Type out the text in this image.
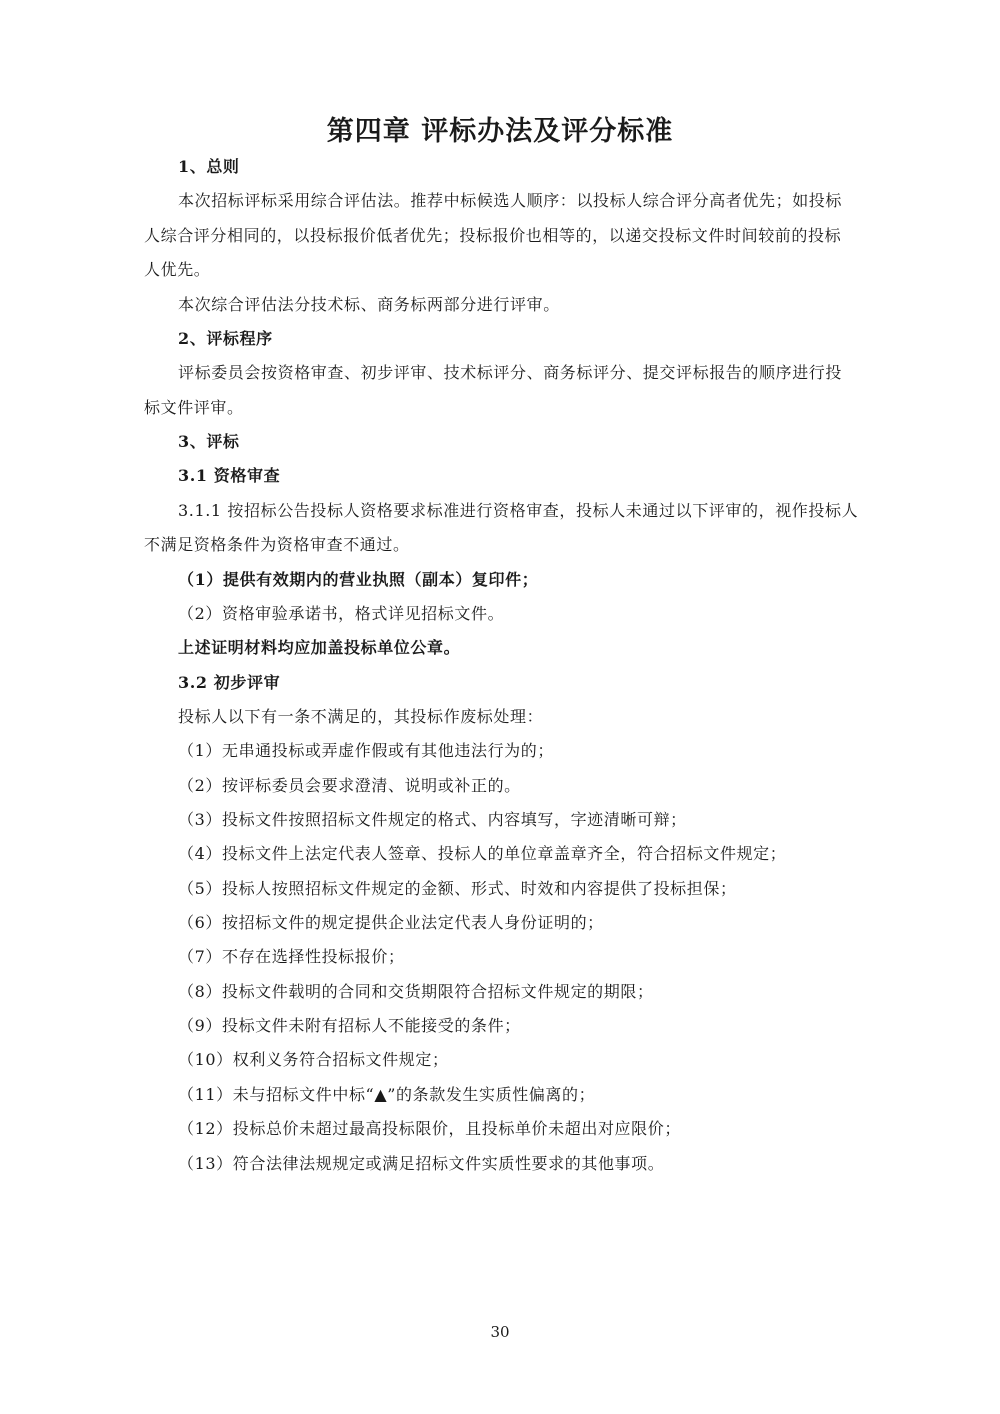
第四章 评标办法及评分标准
1、总则
本次招标评标采用综合评估法。推荐中标候选人顺序：以投标人综合评分高者优先；如投标
人综合评分相同的，以投标报价低者优先；投标报价也相等的，以递交投标文件时间较前的投标
人优先。
本次综合评估法分技术标、商务标两部分进行评审。
2、评标程序
评标委员会按资格审查、初步评审、技术标评分、商务标评分、提交评标报告的顺序进行投
标文件评审。
3、评标
3.1 资格审查
3.1.1 按招标公告投标人资格要求标准进行资格审查，投标人未通过以下评审的，视作投标人
不满足资格条件为资格审查不通过。
（1）提供有效期内的营业执照（副本）复印件；
（2）资格审验承诺书，格式详见招标文件。
上述证明材料均应加盖投标单位公章。
3.2 初步评审
投标人以下有一条不满足的，其投标作废标处理：
（1）无串通投标或弄虚作假或有其他违法行为的；
（2）按评标委员会要求澄清、说明或补正的。
（3）投标文件按照招标文件规定的格式、内容填写，字迹清晰可辩；
（4）投标文件上法定代表人签章、投标人的单位章盖章齐全，符合招标文件规定；
（5）投标人按照招标文件规定的金额、形式、时效和内容提供了投标担保；
（6）按招标文件的规定提供企业法定代表人身份证明的；
（7）不存在选择性投标报价；
（8）投标文件载明的合同和交货期限符合招标文件规定的期限；
（9）投标文件未附有招标人不能接受的条件；
（10）权利义务符合招标文件规定；
（11）未与招标文件中标“▲”的条款发生实质性偏离的；
（12）投标总价未超过最高投标限价，且投标单价未超出对应限价；
（13）符合法律法规规定或满足招标文件实质性要求的其他事项。
30
